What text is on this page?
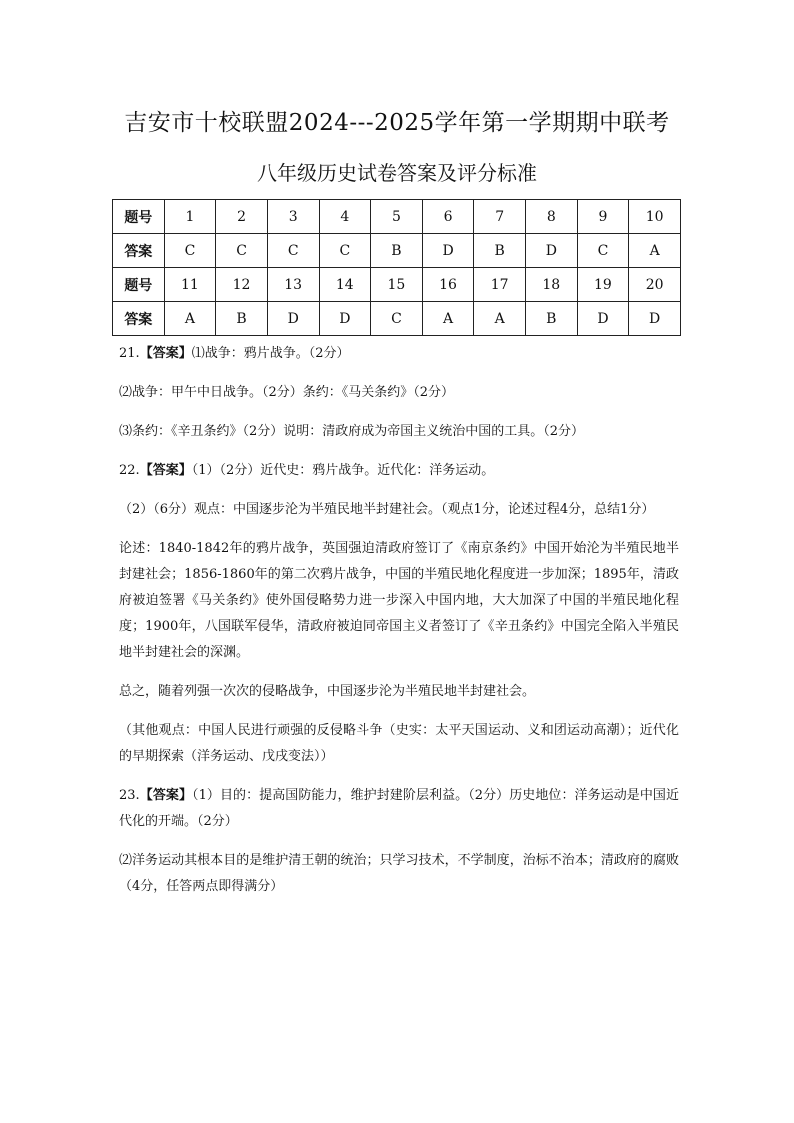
吉安市十校联盟2024---2025学年第一学期期中联考
八年级历史试卷答案及评分标准
题号	1	2	3	4	5	6	7	8	9	10
答案	C	C	C	C	B	D	B	D	C	A
题号	11	12	13	14	15	16	17	18	19	20
答案	A	B	D	D	C	A	A	B	D	D

21.【答案】⑴战争：鸦片战争。（2分）

⑵战争：甲午中日战争。（2分）条约：《马关条约》（2分）

⑶条约：《辛丑条约》（2分）说明：清政府成为帝国主义统治中国的工具。（2分）

22.【答案】（1）（2分）近代史：鸦片战争。近代化：洋务运动。

（2）（6分）观点：中国逐步沦为半殖民地半封建社会。（观点1分，论述过程4分，总结1分）

论述：1840-1842年的鸦片战争，英国强迫清政府签订了《南京条约》中国开始沦为半殖民地半封建社会；1856-1860年的第二次鸦片战争，中国的半殖民地化程度进一步加深；1895年，清政府被迫签署《马关条约》使外国侵略势力进一步深入中国内地，大大加深了中国的半殖民地化程度；1900年，八国联军侵华，清政府被迫同帝国主义者签订了《辛丑条约》中国完全陷入半殖民地半封建社会的深渊。

总之，随着列强一次次的侵略战争，中国逐步沦为半殖民地半封建社会。

（其他观点：中国人民进行顽强的反侵略斗争（史实：太平天国运动、义和团运动高潮）；近代化的早期探索（洋务运动、戊戌变法））

23.【答案】（1）目的：提高国防能力，维护封建阶层利益。（2分）历史地位：洋务运动是中国近代化的开端。（2分）

⑵洋务运动其根本目的是维护清王朝的统治；只学习技术，不学制度，治标不治本；清政府的腐败（4分，任答两点即得满分）
